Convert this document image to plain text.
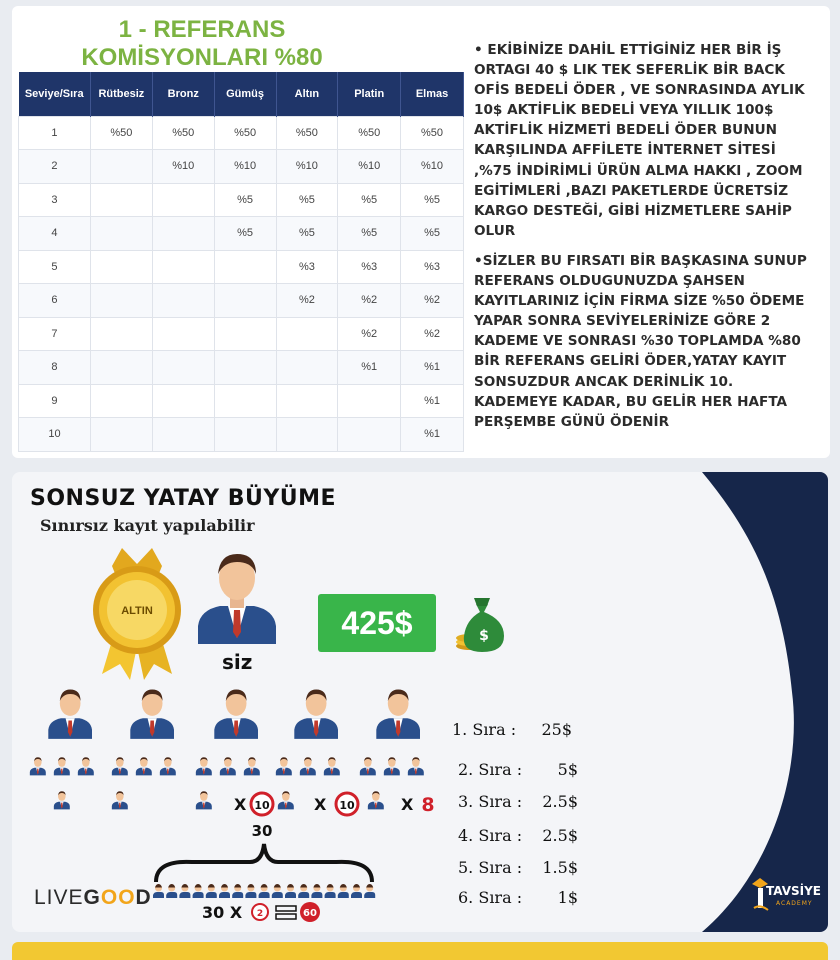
1 - REFERANS
KOMİSYONLARI %80
Seviye/Sıra	Rütbesiz	Bronz	Gümüş	Altın	Platin	Elmas
1	%50	%50	%50	%50	%50	%50
2		%10	%10	%10	%10	%10
3			%5	%5	%5	%5
4			%5	%5	%5	%5
5				%3	%3	%3
6				%2	%2	%2
7					%2	%2
8					%1	%1
9						%1
10						%1

• EKİBİNİZE DAHİL ETTİGİNİZ HER BİR İŞ ORTAGI 40 $ LIK TEK SEFERLİK BİR BACK OFİS BEDELİ ÖDER , VE SONRASINDA AYLIK 10$ AKTİFLİK BEDELİ VEYA YILLIK 100$ AKTİFLİK HİZMETİ BEDELİ ÖDER BUNUN KARŞILINDA AFFİLETE İNTERNET SİTESİ ,%75 İNDİRİMLİ ÜRÜN ALMA HAKKI , ZOOM EGİTİMLERİ ,BAZI PAKETLERDE ÜCRETSİZ KARGO DESTEĞİ, GİBİ HİZMETLERE SAHİP OLUR

•SİZLER BU FIRSATI BİR BAŞKASINA SUNUP REFERANS OLDUGUNUZDA ŞAHSEN KAYITLARINIZ İÇİN FİRMA SİZE %50 ÖDEME YAPAR SONRA SEVİYELERİNİZE GÖRE 2 KADEME VE SONRASI %30 TOPLAMDA %80 BİR REFERANS GELİRİ ÖDER,YATAY KAYIT SONSUZDUR ANCAK DERİNLİK 10. KADEMEYE KADAR, BU GELİR HER HAFTA PERŞEMBE GÜNÜ ÖDENİR

SONSUZ YATAY BÜYÜME
Sınırsız kayıt yapılabilir
ALTIN
siz
425$	$
X 10	X 10	X 8
30
30 X 2	60
1. Sıra :	25$
2. Sıra :	5$
3. Sıra :	2.5$
4. Sıra :	2.5$
5. Sıra :	1.5$
6. Sıra :	1$
LIVEGOOD	TAVSİYE
ACADEMY
